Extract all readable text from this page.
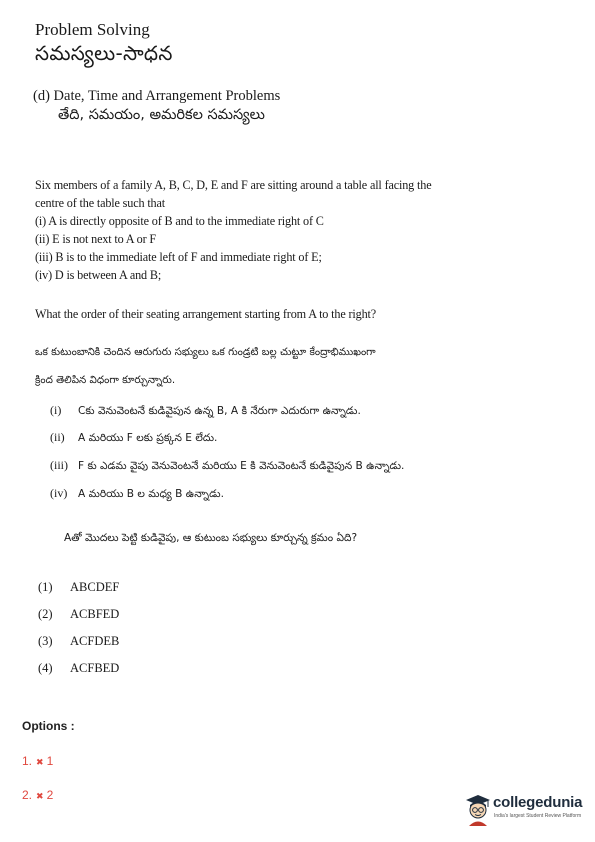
Problem Solving
సమస్యలు-సాధన
(d) Date, Time and Arrangement Problems
తేది, సమయం, అమరికల సమస్యలు
Six members of a family A, B, C, D, E and F are sitting around a table all facing the
centre of the table such that
(i) A is directly opposite of B and to the immediate right of C
(ii) E is not next to A or F
(iii) B is to the immediate left of F and immediate right of E;
(iv) D is between A and B;
What the order of their seating arrangement starting from A to the right?
ఒక కుటుంబానికి చెందిన ఆరుగురు సభ్యులు ఒక గుండ్రటి బల్ల చుట్టూ కేంద్రాభిముఖంగా
క్రింద తెలిపిన విధంగా కూర్చున్నారు.
(i) Cకు వెనువెంటనే కుడివైపున ఉన్న B, A కి నేరుగా ఎదురుగా ఉన్నాడు.
(ii) A మరియు F లకు ప్రక్కన E లేదు.
(iii) F కు ఎడమ వైపు వెనువెంటనే మరియు E కి వెనువెంటనే కుడివైపున B ఉన్నాడు.
(iv) A మరియు B ల మధ్య B ఉన్నాడు.
Aతో మొదలు పెట్టి కుడివైపు, ఆ కుటుంబ సభ్యులు కూర్చున్న క్రమం ఏది?
(1) ABCDEF
(2) ACBFED
(3) ACFDEB
(4) ACFBED
Options :
1. ✖ 1
2. ✖ 2	collegedunia
India's largest Student Review Platform
